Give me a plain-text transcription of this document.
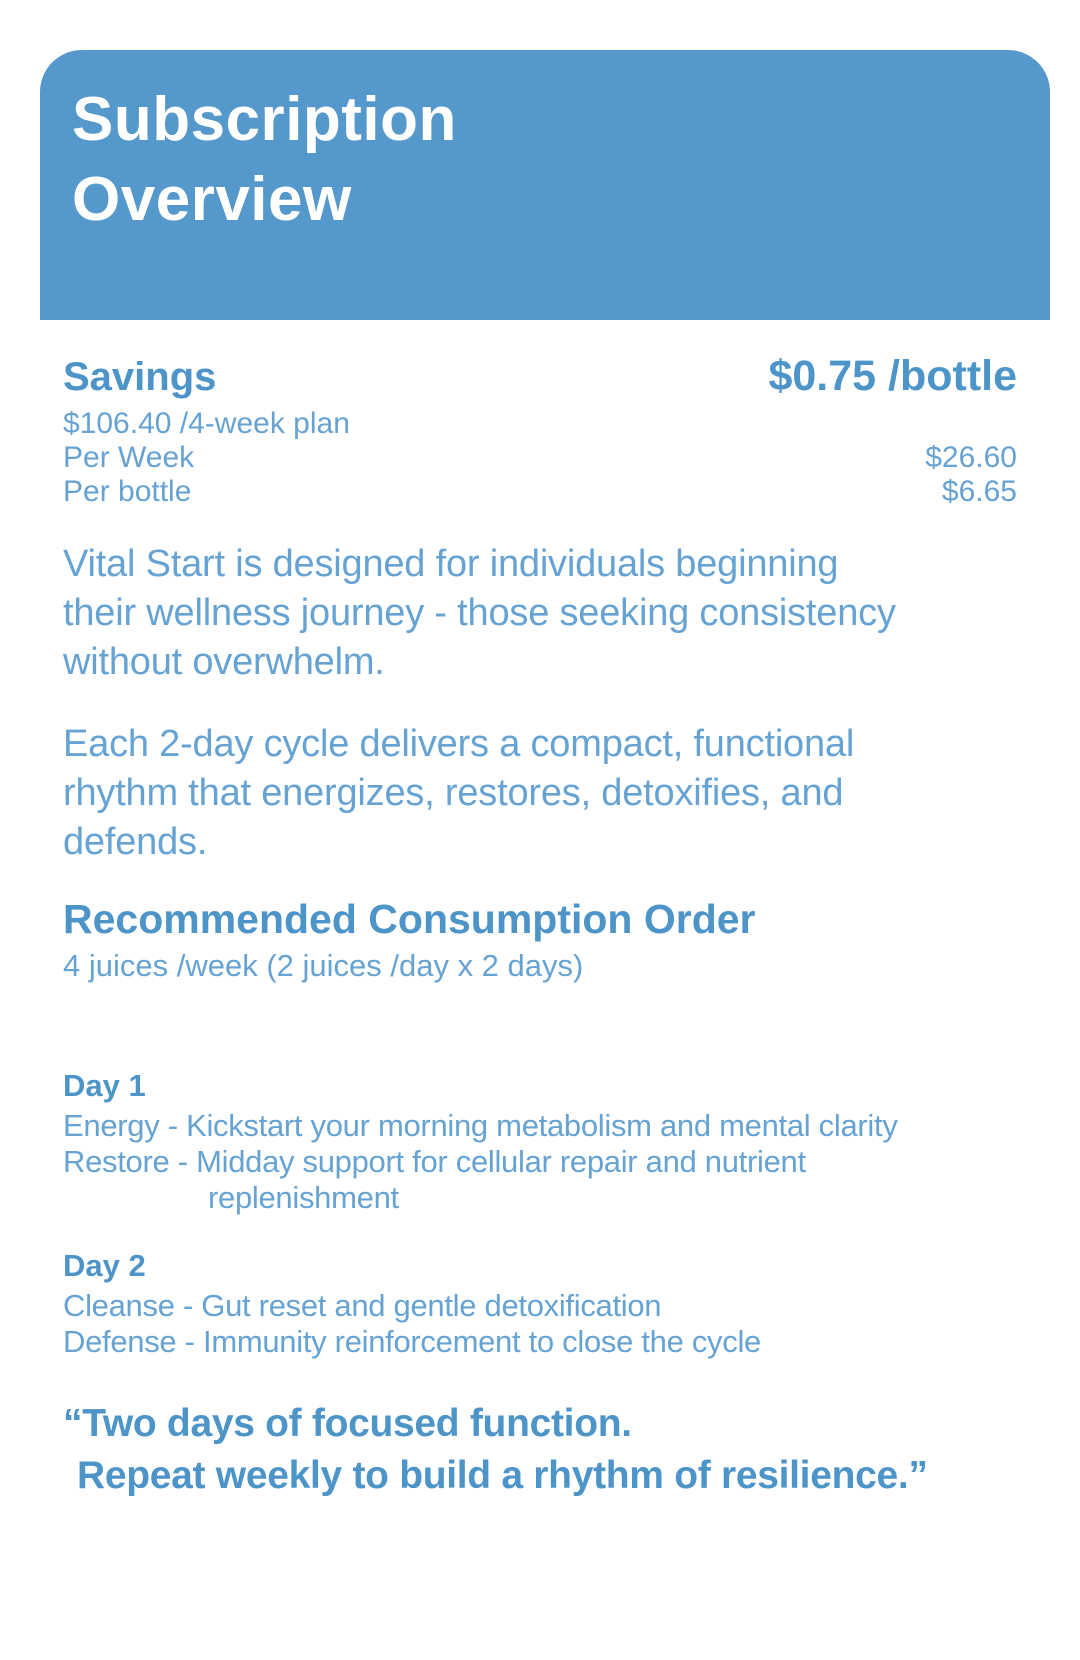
Subscription
Overview
Savings	$0.75 /bottle
$106.40 /4-week plan
Per Week	$26.60
Per bottle	$6.65
Vital Start is designed for individuals beginning
their wellness journey - those seeking consistency
without overwhelm.
Each 2-day cycle delivers a compact, functional
rhythm that energizes, restores, detoxifies, and
defends.
Recommended Consumption Order
4 juices /week (2 juices /day x 2 days)
Day 1
Energy - Kickstart your morning metabolism and mental clarity
Restore - Midday support for cellular repair and nutrient
replenishment
Day 2
Cleanse - Gut reset and gentle detoxification
Defense - Immunity reinforcement to close the cycle
“Two days of focused function.
Repeat weekly to build a rhythm of resilience.”
